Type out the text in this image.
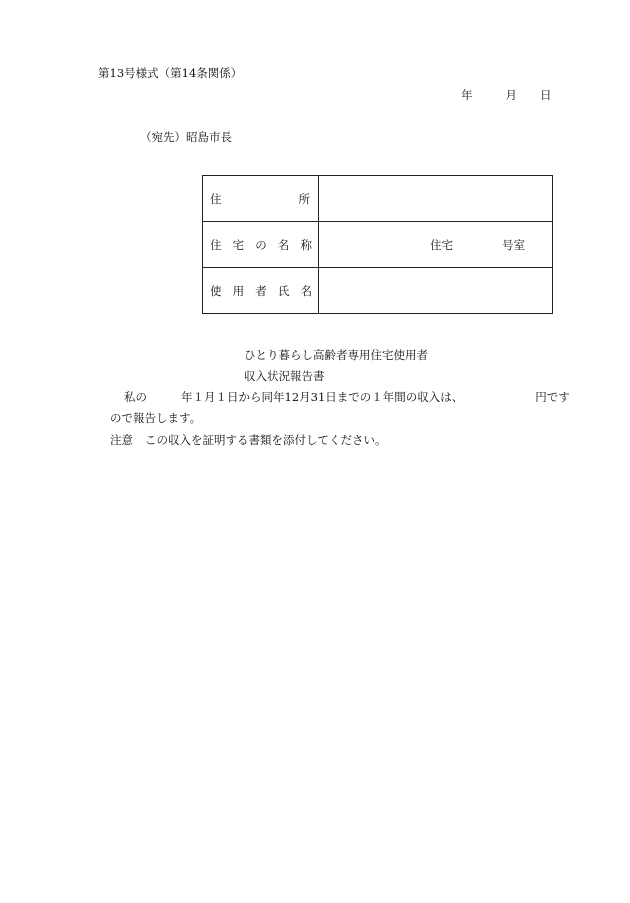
第13号様式（第14条関係）
年	月 日
（宛先）昭島市長
住 所	

住 宅 の 名 称	住宅 号室

使 用 者 氏 名	

ひとり暮らし高齢者専用住宅使用者
収入状況報告書
私の	年１月１日から同年12月31日までの１年間の収入は、	円です
ので報告します。
注意 この収入を証明する書類を添付してください。
